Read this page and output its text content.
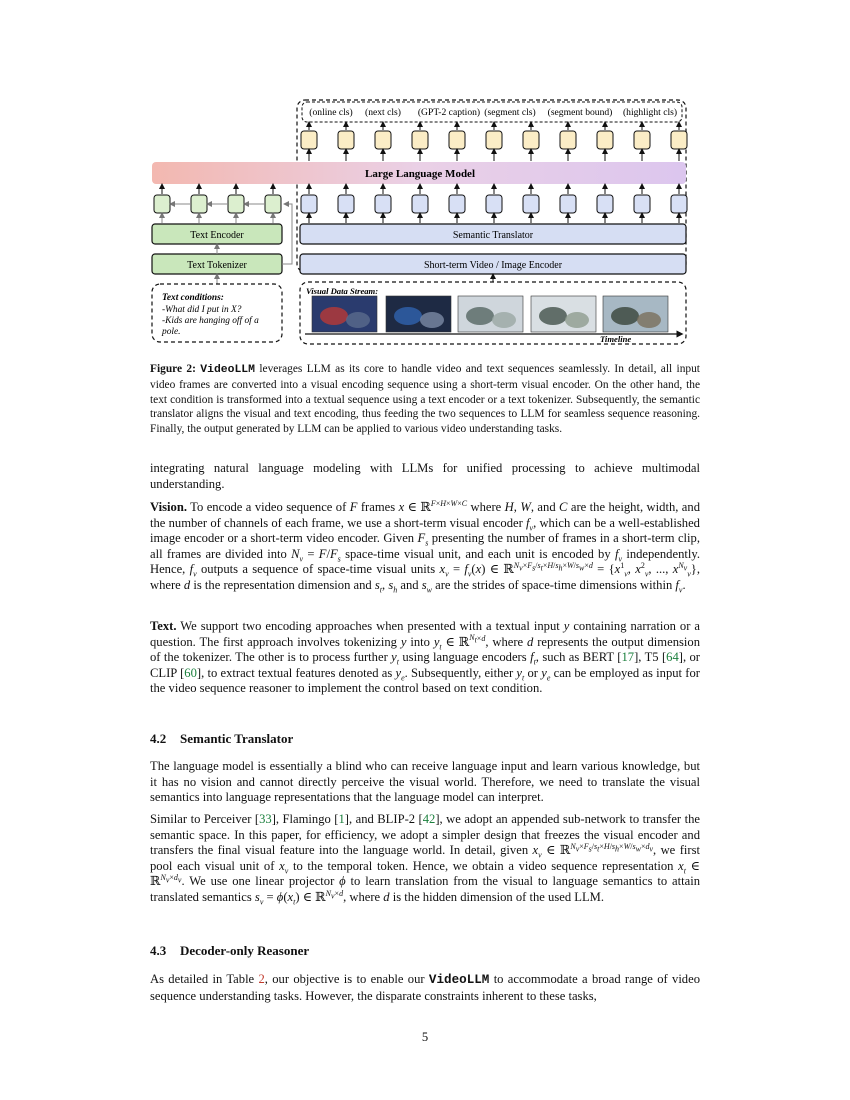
(online cls) (next cls) (GPT-2 caption) (segment cls) (segment bound) (highlight cls)
Large Language Model
Semantic Translator
Short-term Video / Image Encoder
Text Encoder
Text Tokenizer
Text conditions:
-What did I put in X?
-Kids are hanging off of a
pole.
Visual Data Stream:
Timeline
Figure 2: VideoLLM leverages LLM as its core to handle video and text sequences seamlessly. In detail, all input video frames are converted into a visual encoding sequence using a short-term visual encoder. On the other hand, the text condition is transformed into a textual sequence using a text encoder or a text tokenizer. Subsequently, the semantic translator aligns the visual and text encoding, thus feeding the two sequences to LLM for seamless sequence reasoning. Finally, the output generated by LLM can be applied to various video understanding tasks.
integrating natural language modeling with LLMs for unified processing to achieve multimodal understanding.
Vision. To encode a video sequence of F frames x ∈ ℝ$^{F\times H\times W\times C}$ where H, W, and C are the height, width, and the number of channels of each frame, we use a short-term visual encoder $f_v$, which can be a well-established image encoder or a short-term video encoder. Given $F_s$ presenting the number of frames in a short-term clip, all frames are divided into $N_v = F/F_s$ space-time visual unit, and each unit is encoded by $f_v$ independently. Hence, $f_v$ outputs a sequence of space-time visual units $x_v = f_v(x)$ ∈ ℝ$^{N_v\times F_s/s_t\times H/s_h\times W/s_w\times d}$ = {$x^1_v$, $x^2_v$, ..., $x^{N_v}_v$}, where d is the representation dimension and $s_t$, $s_h$ and $s_w$ are the strides of space-time dimensions within $f_v$.
Text. We support two encoding approaches when presented with a textual input y containing narration or a question. The first approach involves tokenizing y into $y_t$ ∈ ℝ$^{N_t\times d}$, where d represents the output dimension of the tokenizer. The other is to process further $y_t$ using language encoders $f_t$, such as BERT [17], T5 [64], or CLIP [60], to extract textual features denoted as $y_e$. Subsequently, either $y_t$ or $y_e$ can be employed as input for the video sequence reasoner to implement the control based on text condition.
4.2 Semantic Translator
The language model is essentially a blind who can receive language input and learn various knowledge, but it has no vision and cannot directly perceive the visual world. Therefore, we need to translate the visual semantics into language representations that the language model can interpret.
Similar to Perceiver [33], Flamingo [1], and BLIP-2 [42], we adopt an appended sub-network to transfer the semantic space. In this paper, for efficiency, we adopt a simpler design that freezes the visual encoder and transfers the final visual feature into the language world. In detail, given $x_v$ ∈ ℝ$^{N_v\times F_s/s_t\times H/s_h\times W/s_w\times d_v}$, we first pool each visual unit of $x_v$ to the temporal token. Hence, we obtain a video sequence representation $x_t$ ∈ ℝ$^{N_v\times d_v}$. We use one linear projector ϕ to learn translation from the visual to language semantics to attain translated semantics $s_v = \phi(x_t)$ ∈ ℝ$^{N_v\times d}$, where d is the hidden dimension of the used LLM.
4.3 Decoder-only Reasoner
As detailed in Table 2, our objective is to enable our VideoLLM to accommodate a broad range of video sequence understanding tasks. However, the disparate constraints inherent to these tasks,
5
